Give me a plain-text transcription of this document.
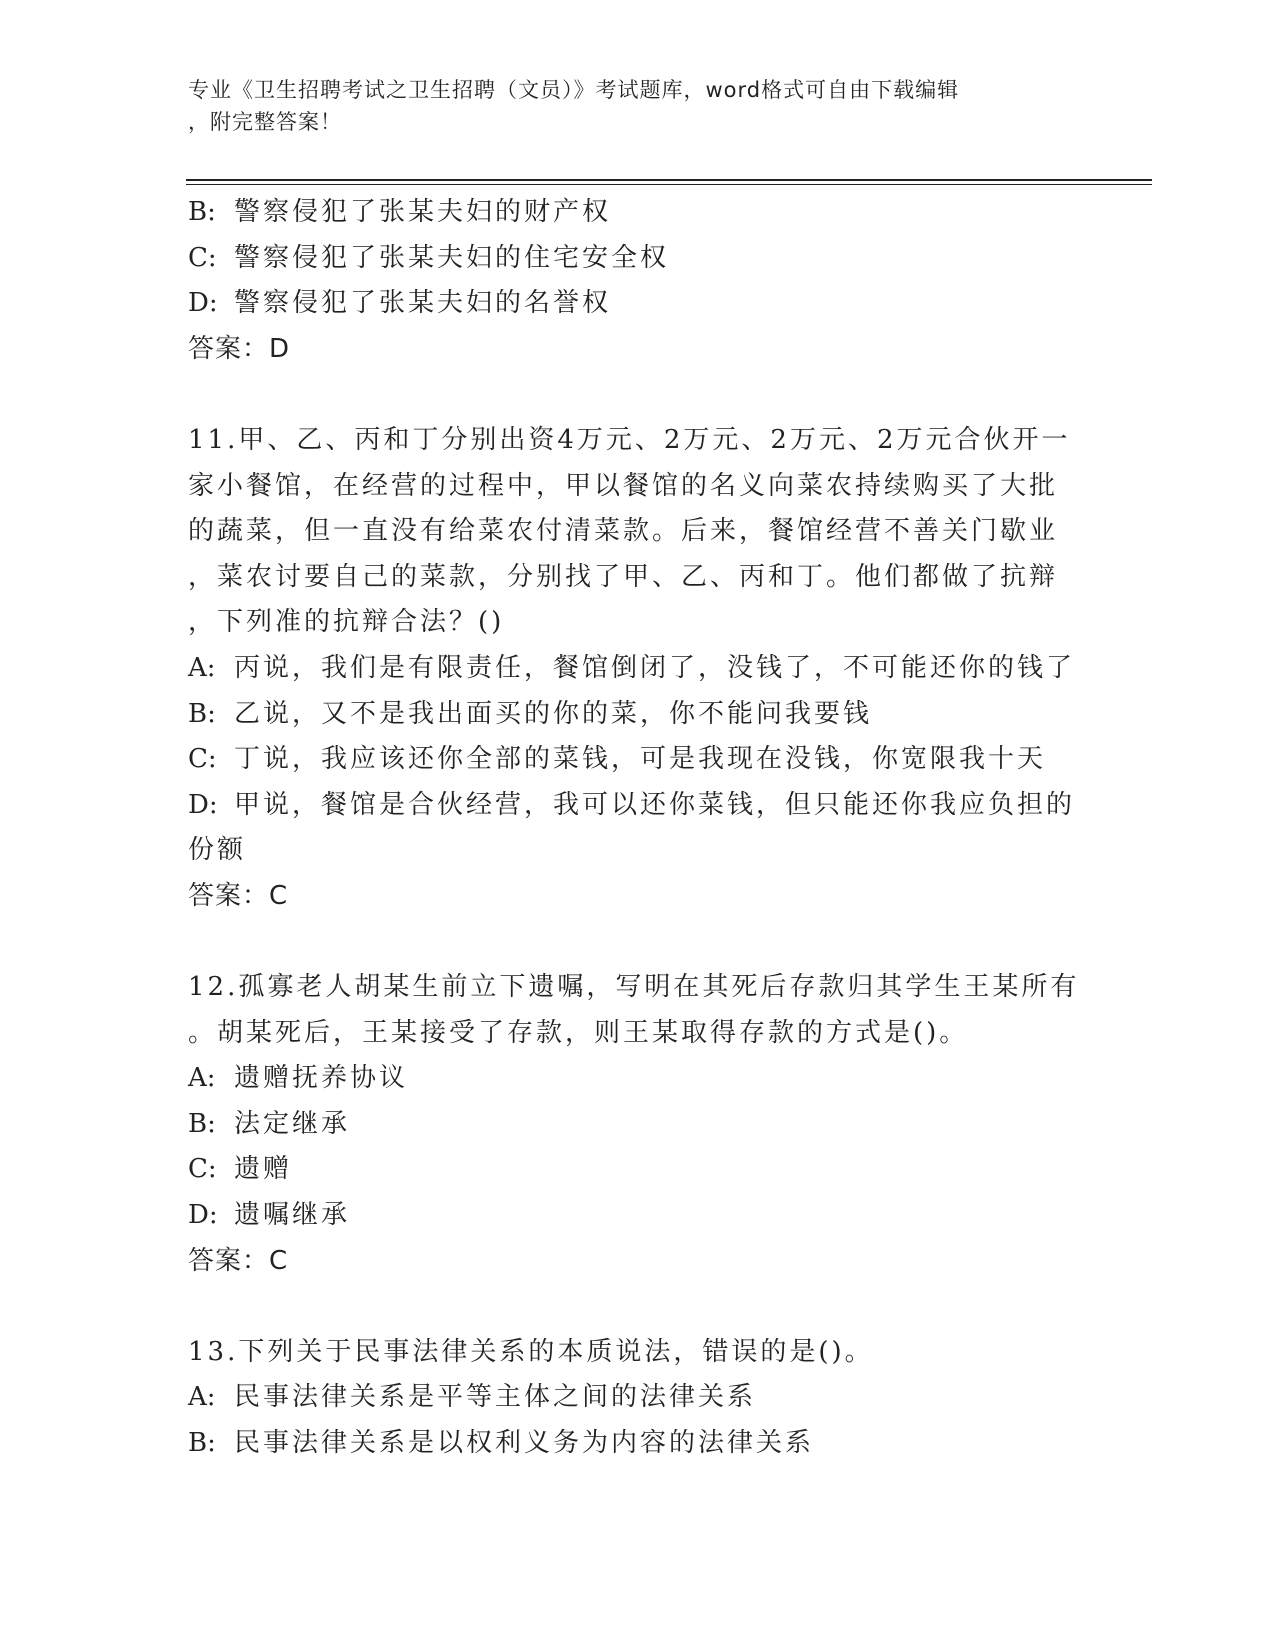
专业《卫生招聘考试之卫生招聘（文员）》考试题库，word格式可自由下载编辑
，附完整答案！
B: 警察侵犯了张某夫妇的财产权
C: 警察侵犯了张某夫妇的住宅安全权
D: 警察侵犯了张某夫妇的名誉权
答案：D
11.甲、乙、丙和丁分别出资4万元、2万元、2万元、2万元合伙开一
家小餐馆，在经营的过程中，甲以餐馆的名义向菜农持续购买了大批
的蔬菜，但一直没有给菜农付清菜款。后来，餐馆经营不善关门歇业
，菜农讨要自己的菜款，分别找了甲、乙、丙和丁。他们都做了抗辩
，下列准的抗辩合法？()
A: 丙说，我们是有限责任，餐馆倒闭了，没钱了，不可能还你的钱了
B: 乙说，又不是我出面买的你的菜，你不能问我要钱
C: 丁说，我应该还你全部的菜钱，可是我现在没钱，你宽限我十天
D: 甲说，餐馆是合伙经营，我可以还你菜钱，但只能还你我应负担的
份额
答案：C
12.孤寡老人胡某生前立下遗嘱，写明在其死后存款归其学生王某所有
。胡某死后，王某接受了存款，则王某取得存款的方式是()。
A: 遗赠抚养协议
B: 法定继承
C: 遗赠
D: 遗嘱继承
答案：C
13.下列关于民事法律关系的本质说法，错误的是()。
A: 民事法律关系是平等主体之间的法律关系
B: 民事法律关系是以权利义务为内容的法律关系
